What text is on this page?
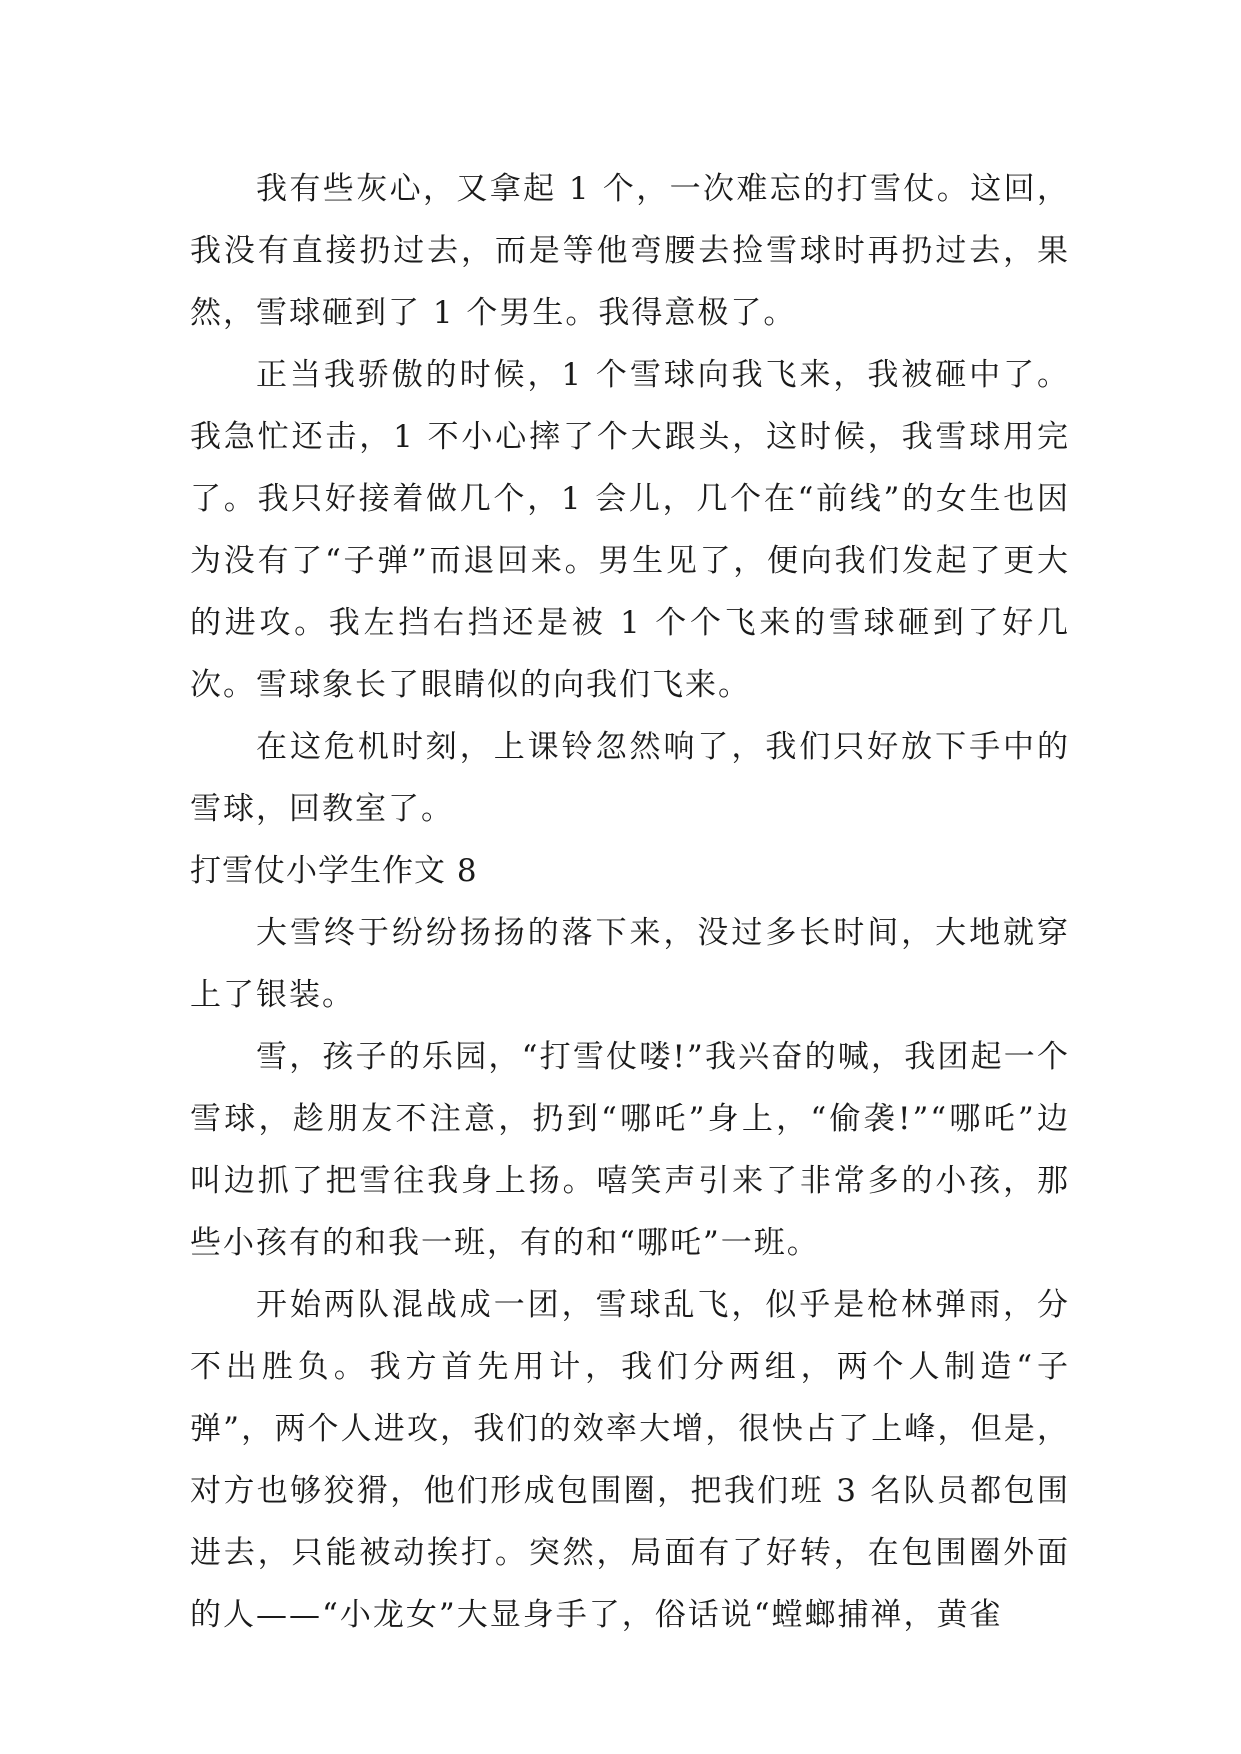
我有些灰心，又拿起 1 个，一次难忘的打雪仗。这回，我没有直接扔过去，而是等他弯腰去捡雪球时再扔过去，果然，雪球砸到了 1 个男生。我得意极了。

正当我骄傲的时候，1 个雪球向我飞来，我被砸中了。我急忙还击，1 不小心摔了个大跟头，这时候，我雪球用完了。我只好接着做几个，1 会儿，几个在“前线”的女生也因为没有了“子弹”而退回来。男生见了，便向我们发起了更大的进攻。我左挡右挡还是被 1 个个飞来的雪球砸到了好几次。雪球象长了眼睛似的向我们飞来。

在这危机时刻，上课铃忽然响了，我们只好放下手中的雪球，回教室了。

打雪仗小学生作文 8

大雪终于纷纷扬扬的落下来，没过多长时间，大地就穿上了银装。

雪，孩子的乐园，“打雪仗喽!”我兴奋的喊，我团起一个雪球，趁朋友不注意，扔到“哪吒”身上，“偷袭!”“哪吒”边叫边抓了把雪往我身上扬。嘻笑声引来了非常多的小孩，那些小孩有的和我一班，有的和“哪吒”一班。

开始两队混战成一团，雪球乱飞，似乎是枪林弹雨，分不出胜负。我方首先用计，我们分两组，两个人制造“子弹”，两个人进攻，我们的效率大增，很快占了上峰，但是，对方也够狡猾，他们形成包围圈，把我们班 3 名队员都包围进去，只能被动挨打。突然，局面有了好转，在包围圈外面的人——“小龙女”大显身手了，俗话说“螳螂捕禅，黄雀
